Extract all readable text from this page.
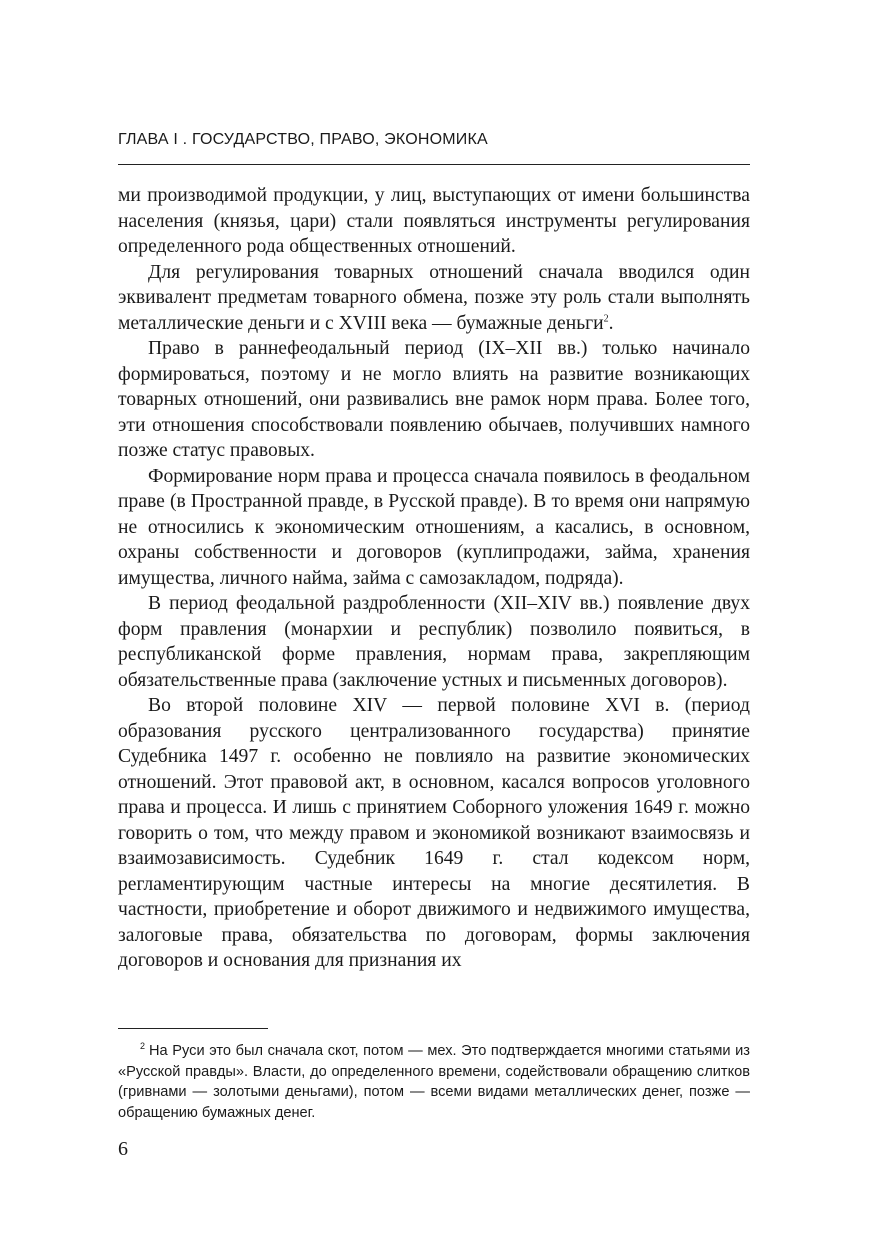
ГЛАВА I . ГОСУДАРСТВО, ПРАВО, ЭКОНОМИКА

ми производимой продукции, у лиц, выступающих от имени большинства населения (князья, цари) стали появляться инструменты регулирования определенного рода общественных отношений.

Для регулирования товарных отношений сначала вводился один эквивалент предметам товарного обмена, позже эту роль стали выполнять металлические деньги и с XVIII века — бумажные деньги$^2$.

Право в раннефеодальный период (IX–XII вв.) только начинало формироваться, поэтому и не могло влиять на развитие возникающих товарных отношений, они развивались вне рамок норм права. Более того, эти отношения способствовали появлению обычаев, получивших намного позже статус правовых.

Формирование норм права и процесса сначала появилось в феодальном праве (в Пространной правде, в Русской правде). В то время они напрямую не относились к экономическим отношениям, а касались, в основном, охраны собственности и договоров (куплипродажи, займа, хранения имущества, личного найма, займа с самозакладом, подряда).

В период феодальной раздробленности (XII–XIV вв.) появление двух форм правления (монархии и республик) позволило появиться, в республиканской форме правления, нормам права, закрепляющим обязательственные права (заключение устных и письменных договоров).

Во второй половине XIV — первой половине XVI в. (период образования русского централизованного государства) принятие Судебника 1497 г. особенно не повлияло на развитие экономических отношений. Этот правовой акт, в основном, касался вопросов уголовного права и процесса. И лишь с принятием Соборного уложения 1649 г. можно говорить о том, что между правом и экономикой возникают взаимосвязь и взаимозависимость. Судебник 1649 г. стал кодексом норм, регламентирующим частные интересы на многие десятилетия. В частности, приобретение и оборот движимого и недвижимого имущества, залоговые права, обязательства по договорам, формы заключения договоров и основания для признания их

$^2$ На Руси это был сначала скот, потом — мех. Это подтверждается многими статьями из «Русской правды». Власти, до определенного времени, содействовали обращению слитков (гривнами — золотыми деньгами), потом — всеми видами металлических денег, позже — обращению бумажных денег.

6
